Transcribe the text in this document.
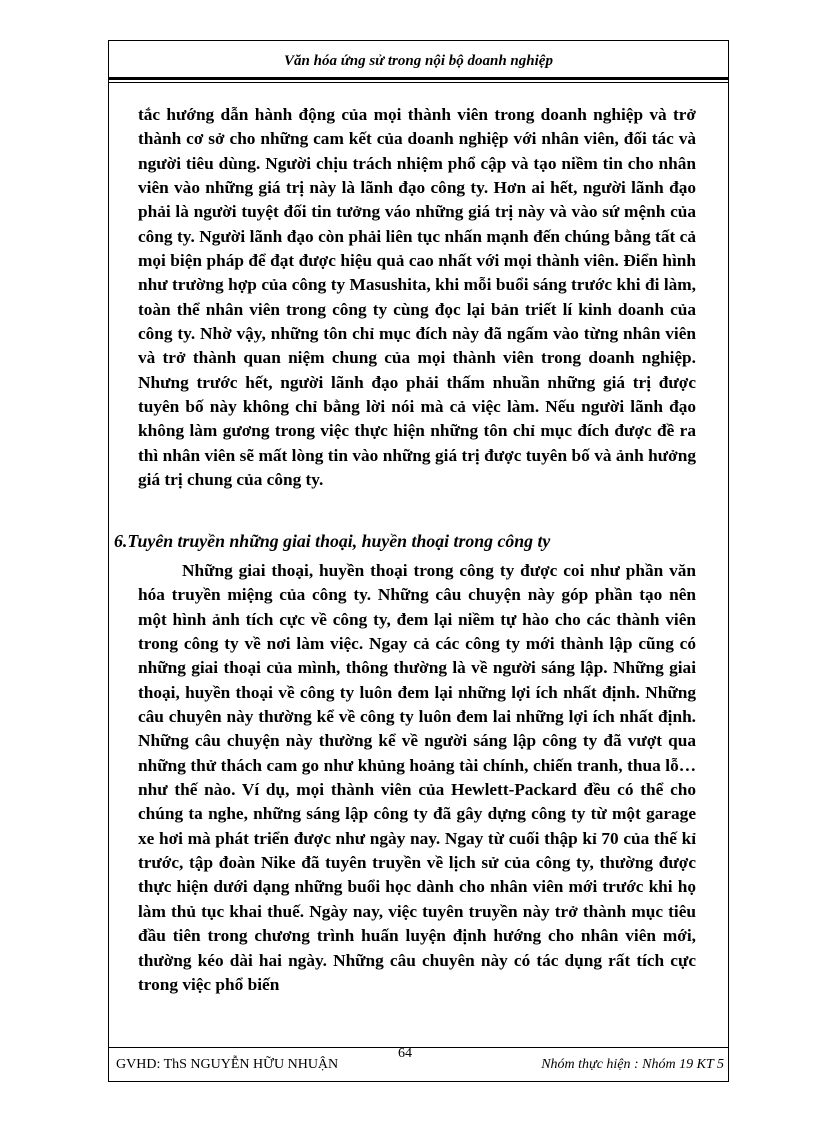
Văn hóa ứng sử trong nội bộ doanh nghiệp

tắc hướng dẫn hành động của mọi thành viên trong doanh nghiệp và trở thành cơ sở cho những cam kết của doanh nghiệp với nhân viên, đối tác và người tiêu dùng. Người chịu trách nhiệm phổ cập và tạo niềm tin cho nhân viên vào những giá trị này là lãnh đạo công ty. Hơn ai hết, người lãnh đạo phải là người tuyệt đối tin tưởng váo những giá trị này và vào sứ mệnh của công ty. Người lãnh đạo còn phải liên tục nhấn mạnh đến chúng bằng tất cả mọi biện pháp để đạt được hiệu quả cao nhất với mọi thành viên. Điển hình như trường hợp của công ty Masushita, khi mỗi buổi sáng trước khi đi làm, toàn thể nhân viên trong công ty cùng đọc lại bản triết lí kinh doanh của công ty. Nhờ vậy, những tôn chỉ mục đích này đã ngấm vào từng nhân viên và trở thành quan niệm chung của mọi thành viên trong doanh nghiệp. Nhưng trước hết, người lãnh đạo phải thấm nhuần những giá trị được tuyên bố này không chỉ bằng lời nói mà cả việc làm. Nếu người lãnh đạo không làm gương trong việc thực hiện những tôn chỉ mục đích được đề ra thì nhân viên sẽ mất lòng tin vào những giá trị được tuyên bố và ảnh hưởng giá trị chung của công ty.

6.Tuyên truyền những giai thoại, huyền thoại trong công ty

Những giai thoại, huyền thoại trong công ty được coi như phần văn hóa truyền miệng của công ty. Những câu chuyện này góp phần tạo nên một hình ảnh tích cực về công ty, đem lại niềm tự hào cho các thành viên trong công ty về nơi làm việc. Ngay cả các công ty mới thành lập cũng có những giai thoại của mình, thông thường là về người sáng lập. Những giai thoại, huyền thoại về công ty luôn đem lại những lợi ích nhất định. Những câu chuyên này thường kể về công ty luôn đem lai những lợi ích nhất định. Những câu chuyện này thường kể về người sáng lập công ty đã vượt qua những thử thách cam go như khủng hoảng tài chính, chiến tranh, thua lỗ…như thế nào. Ví dụ, mọi thành viên của Hewlett-Packard đều có thể cho chúng ta nghe, những sáng lập công ty đã gây dựng công ty từ một garage xe hơi mà phát triển được như ngày nay. Ngay từ cuối thập kỉ 70 của thế kỉ trước, tập đoàn Nike đã tuyên truyền về lịch sử của công ty, thường được thực hiện dưới dạng những buổi học dành cho nhân viên mới trước khi họ làm thủ tục khai thuế. Ngày nay, việc tuyên truyền này trở thành mục tiêu đầu tiên trong chương trình huấn luyện định hướng cho nhân viên mới, thường kéo dài hai ngày. Những câu chuyên này có tác dụng rất tích cực trong việc phổ biến

GVHD: ThS NGUYỄN HỮU NHUẬN
64
Nhóm thực hiện : Nhóm 19 KT 5
